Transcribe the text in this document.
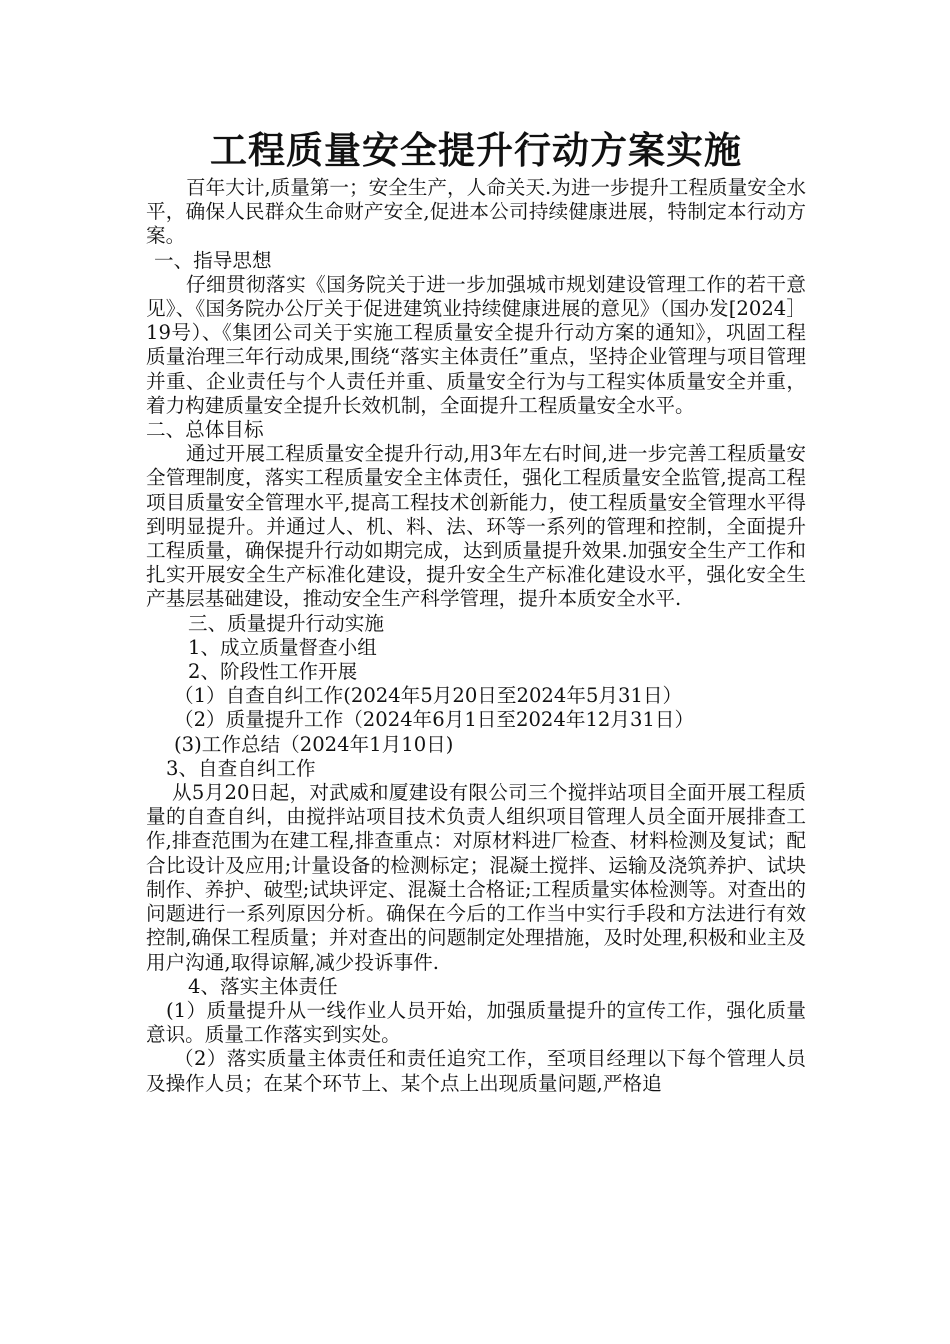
工程质量安全提升行动方案实施

百年大计,质量第一；安全生产，人命关天.为进一步提升工程质量安全水平，确保人民群众生命财产安全,促进本公司持续健康进展，特制定本行动方案。

一、指导思想

仔细贯彻落实《国务院关于进一步加强城市规划建设管理工作的若干意见》、《国务院办公厅关于促进建筑业持续健康进展的意见》（国办发[2024］19号）、《集团公司关于实施工程质量安全提升行动方案的通知》，巩固工程质量治理三年行动成果,围绕“落实主体责任”重点，坚持企业管理与项目管理并重、企业责任与个人责任并重、质量安全行为与工程实体质量安全并重，着力构建质量安全提升长效机制，全面提升工程质量安全水平。

二、总体目标

通过开展工程质量安全提升行动,用3年左右时间,进一步完善工程质量安全管理制度，落实工程质量安全主体责任，强化工程质量安全监管,提高工程项目质量安全管理水平,提高工程技术创新能力，使工程质量安全管理水平得到明显提升。并通过人、机、料、法、环等一系列的管理和控制，全面提升工程质量，确保提升行动如期完成，达到质量提升效果.加强安全生产工作和扎实开展安全生产标准化建设，提升安全生产标准化建设水平，强化安全生产基层基础建设，推动安全生产科学管理，提升本质安全水平.

三、质量提升行动实施

1、成立质量督查小组

2、阶段性工作开展

（1）自查自纠工作(2024年5月20日至2024年5月31日）

（2）质量提升工作（2024年6月1日至2024年12月31日）

(3)工作总结（2024年1月10日)

3、自查自纠工作

从5月20日起，对武威和厦建设有限公司三个搅拌站项目全面开展工程质量的自查自纠，由搅拌站项目技术负责人组织项目管理人员全面开展排查工作,排查范围为在建工程,排查重点：对原材料进厂检查、材料检测及复试；配合比设计及应用;计量设备的检测标定；混凝土搅拌、运输及浇筑养护、试块制作、养护、破型;试块评定、混凝土合格证;工程质量实体检测等。对查出的问题进行一系列原因分析。确保在今后的工作当中实行手段和方法进行有效控制,确保工程质量；并对查出的问题制定处理措施，及时处理,积极和业主及用户沟通,取得谅解,减少投诉事件.

4、落实主体责任

(1）质量提升从一线作业人员开始，加强质量提升的宣传工作，强化质量意识。质量工作落实到实处。

（2）落实质量主体责任和责任追究工作，至项目经理以下每个管理人员及操作人员；在某个环节上、某个点上出现质量问题,严格追
